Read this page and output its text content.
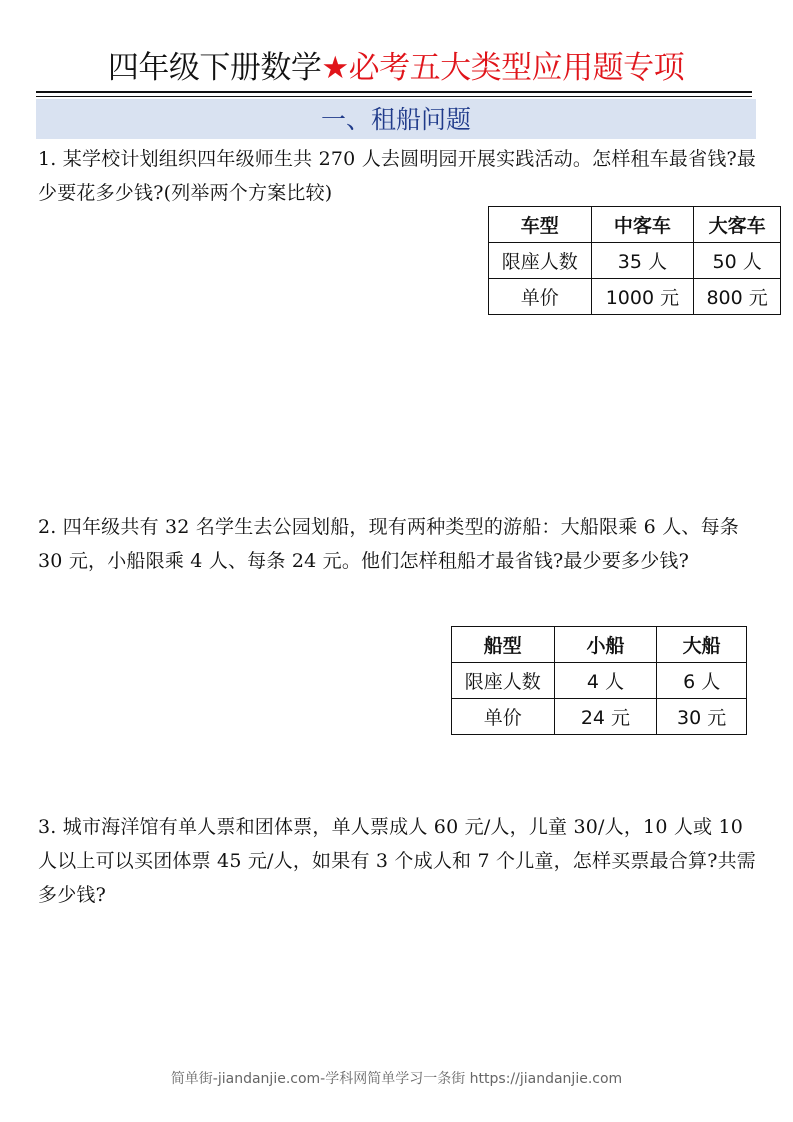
四年级下册数学★必考五大类型应用题专项
一、租船问题
1. 某学校计划组织四年级师生共 270 人去圆明园开展实践活动。怎样租车最省钱?最少要花多少钱?(列举两个方案比较)
车型	中客车	大客车
限座人数	35 人	50 人
单价	1000 元	800 元
2. 四年级共有 32 名学生去公园划船，现有两种类型的游船：大船限乘 6 人、每条 30 元，小船限乘 4 人、每条 24 元。他们怎样租船才最省钱?最少要多少钱?
船型	小船	大船
限座人数	4 人	6 人
单价	24 元	30 元
3. 城市海洋馆有单人票和团体票，单人票成人 60 元/人，儿童 30/人，10 人或 10 人以上可以买团体票 45 元/人，如果有 3 个成人和 7 个儿童，怎样买票最合算?共需多少钱?
简单街-jiandanjie.com-学科网简单学习一条街 https://jiandanjie.com
